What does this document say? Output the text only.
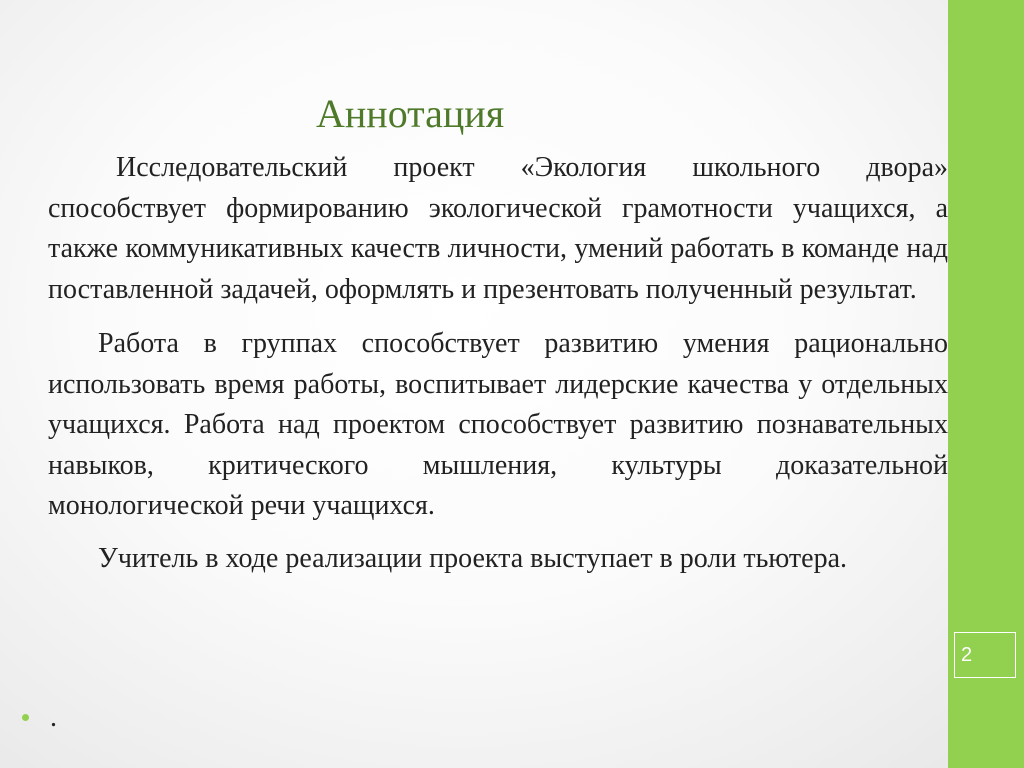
2
Аннотация

Исследовательский проект «Экология школьного двора» способствует формированию экологической грамотности учащихся, а также коммуникативных качеств личности, умений работать в команде над поставленной задачей, оформлять и презентовать полученный результат.

Работа в группах способствует развитию умения рационально использовать время работы, воспитывает лидерские качества у отдельных учащихся. Работа над проектом способствует развитию познавательных навыков, критического мышления, культуры доказательной монологической речи учащихся.

Учитель в ходе реализации проекта выступает в роли тьютера.

.
